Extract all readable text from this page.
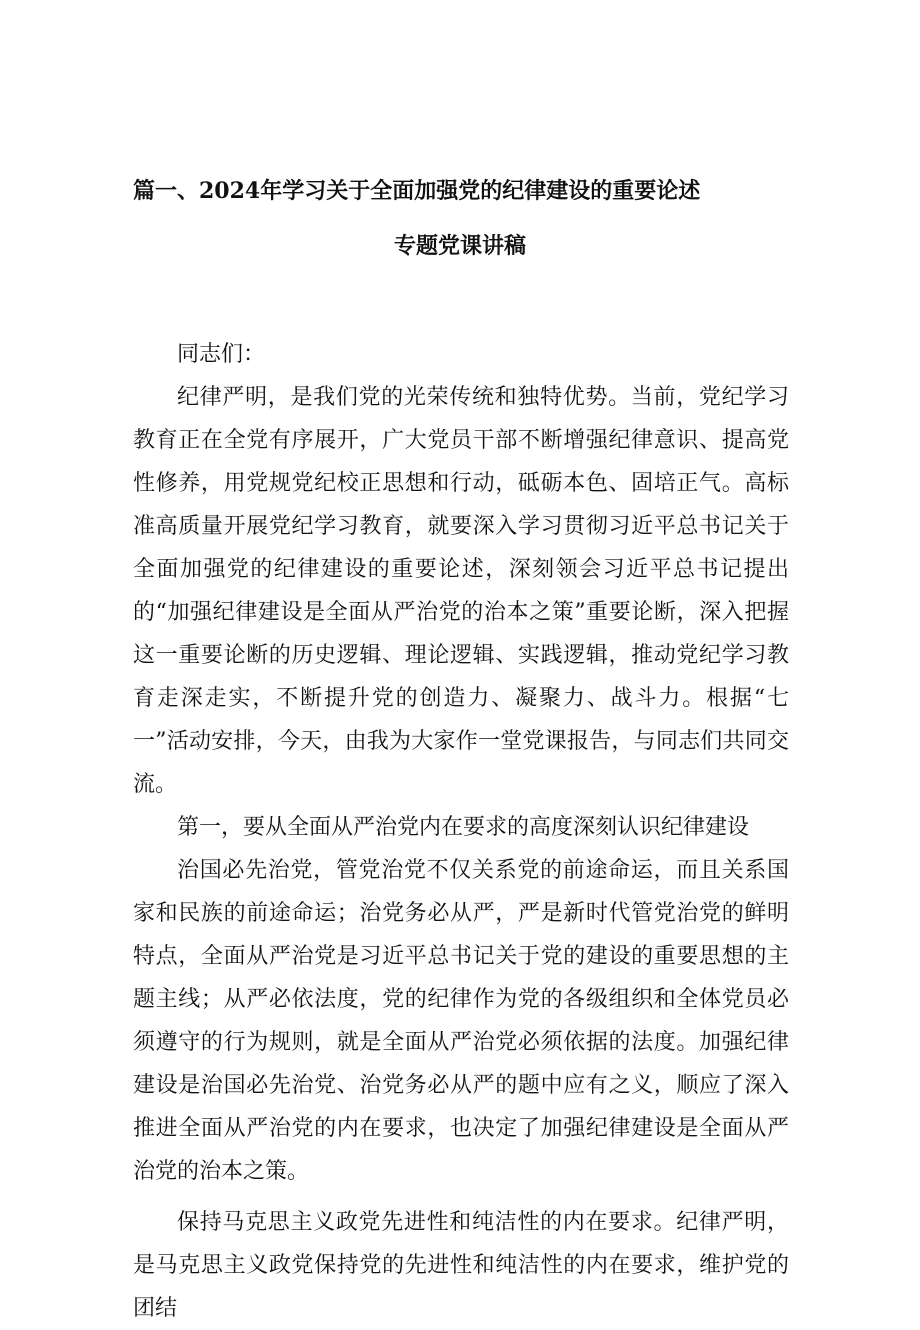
篇一、2024年学习关于全面加强党的纪律建设的重要论述
专题党课讲稿

同志们：

纪律严明，是我们党的光荣传统和独特优势。当前，党纪学习教育正在全党有序展开，广大党员干部不断增强纪律意识、提高党性修养，用党规党纪校正思想和行动，砥砺本色、固培正气。高标准高质量开展党纪学习教育，就要深入学习贯彻习近平总书记关于全面加强党的纪律建设的重要论述，深刻领会习近平总书记提出的“加强纪律建设是全面从严治党的治本之策”重要论断，深入把握这一重要论断的历史逻辑、理论逻辑、实践逻辑，推动党纪学习教育走深走实，不断提升党的创造力、凝聚力、战斗力。根据“七一”活动安排，今天，由我为大家作一堂党课报告，与同志们共同交流。

第一，要从全面从严治党内在要求的高度深刻认识纪律建设

治国必先治党，管党治党不仅关系党的前途命运，而且关系国家和民族的前途命运；治党务必从严，严是新时代管党治党的鲜明特点，全面从严治党是习近平总书记关于党的建设的重要思想的主题主线；从严必依法度，党的纪律作为党的各级组织和全体党员必须遵守的行为规则，就是全面从严治党必须依据的法度。加强纪律建设是治国必先治党、治党务必从严的题中应有之义，顺应了深入推进全面从严治党的内在要求，也决定了加强纪律建设是全面从严治党的治本之策。

保持马克思主义政党先进性和纯洁性的内在要求。纪律严明，是马克思主义政党保持党的先进性和纯洁性的内在要求，维护党的团结
